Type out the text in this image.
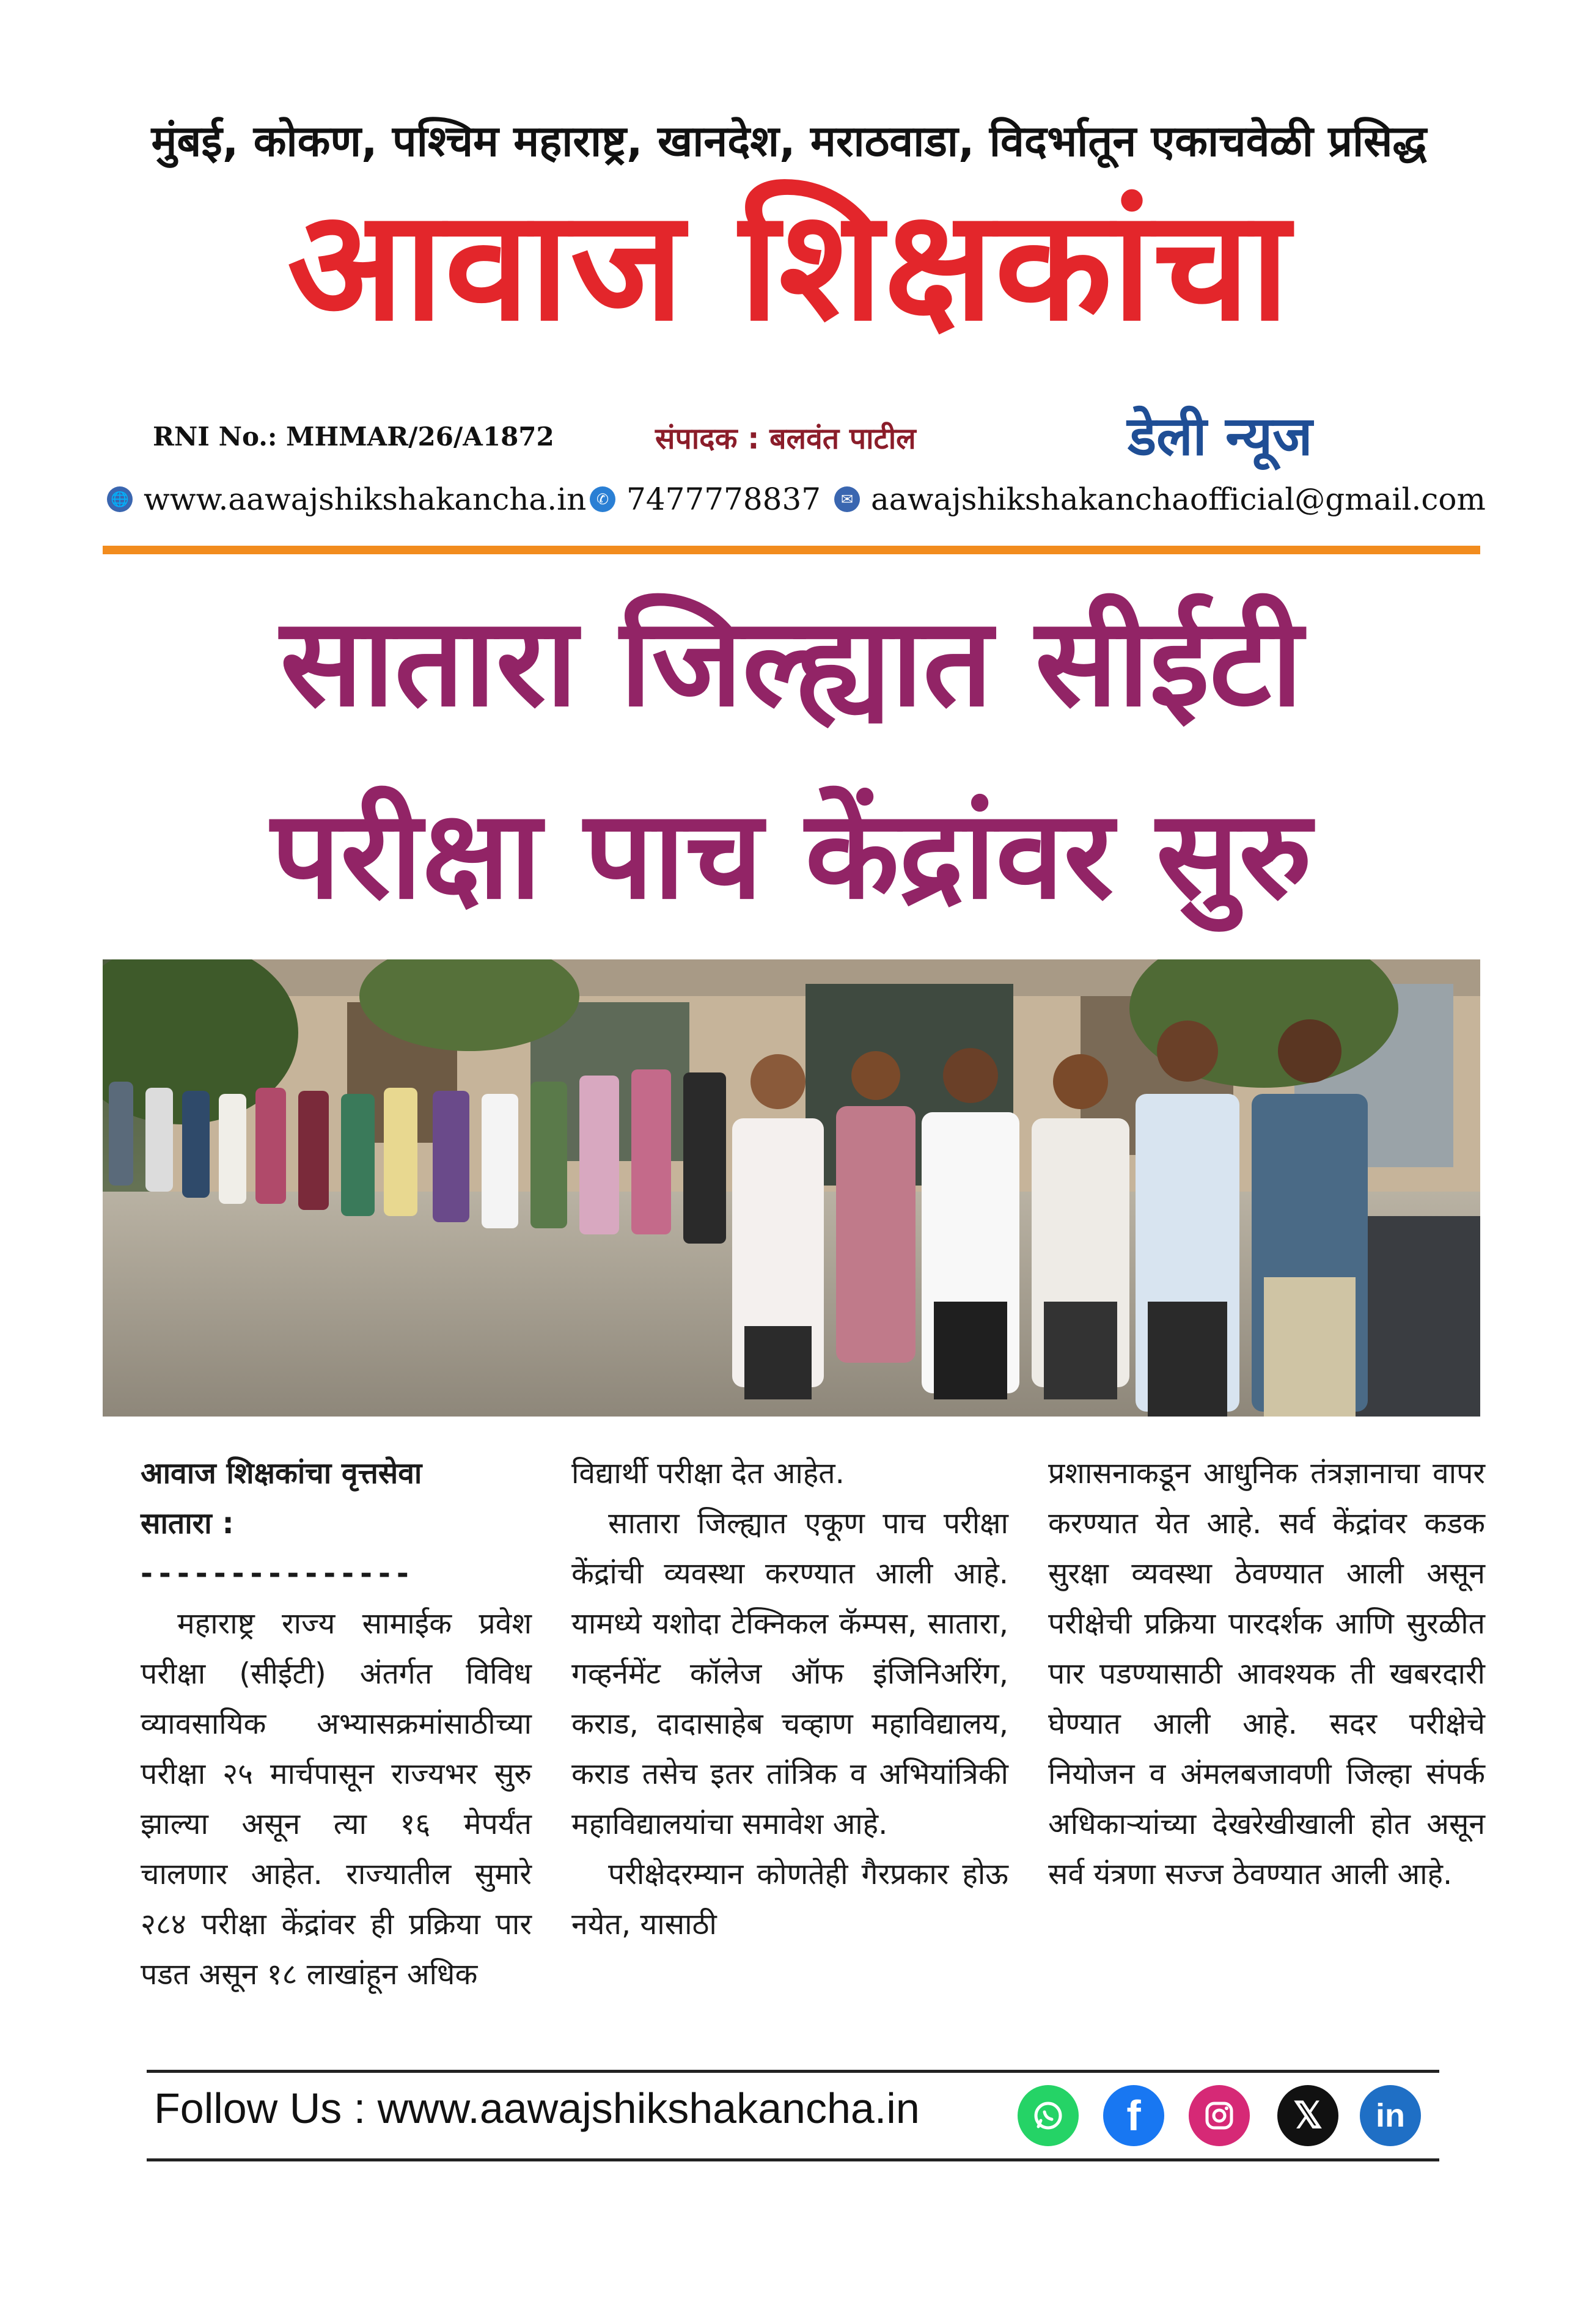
मुंबई, कोकण, पश्चिम महाराष्ट्र, खानदेश, मराठवाडा, विदर्भातून एकाचवेळी प्रसिद्ध
आवाज शिक्षकांचा
RNI No.: MHMAR/26/A1872	संपादक : बलवंत पाटील	डेली न्यूज
🌐 www.aawajshikshakancha.in ✆ 7477778837	✉ aawajshikshakanchaofficial@gmail.com
सातारा जिल्ह्यात सीईटी
परीक्षा पाच केंद्रांवर सुरु

आवाज शिक्षकांचा वृत्तसेवा

सातारा :

---------------

महाराष्ट्र राज्य सामाईक प्रवेश परीक्षा (सीईटी) अंतर्गत विविध व्यावसायिक अभ्यासक्रमांसाठीच्या परीक्षा २५ मार्चपासून राज्यभर सुरु झाल्या असून त्या १६ मेपर्यंत चालणार आहेत. राज्यातील सुमारे २८४ परीक्षा केंद्रांवर ही प्रक्रिया पार पडत असून १८ लाखांहून अधिक

विद्यार्थी परीक्षा देत आहेत.

सातारा जिल्ह्यात एकूण पाच परीक्षा केंद्रांची व्यवस्था करण्यात आली आहे. यामध्ये यशोदा टेक्निकल कॅम्पस, सातारा, गव्हर्नमेंट कॉलेज ऑफ इंजिनिअरिंग, कराड, दादासाहेब चव्हाण महाविद्यालय, कराड तसेच इतर तांत्रिक व अभियांत्रिकी महाविद्यालयांचा समावेश आहे.

परीक्षेदरम्यान कोणतेही गैरप्रकार होऊ नयेत, यासाठी

प्रशासनाकडून आधुनिक तंत्रज्ञानाचा वापर करण्यात येत आहे. सर्व केंद्रांवर कडक सुरक्षा व्यवस्था ठेवण्यात आली असून परीक्षेची प्रक्रिया पारदर्शक आणि सुरळीत पार पडण्यासाठी आवश्यक ती खबरदारी घेण्यात आली आहे. सदर परीक्षेचे नियोजन व अंमलबजावणी जिल्हा संपर्क अधिकाऱ्यांच्या देखरेखीखाली होत असून सर्व यंत्रणा सज्ज ठेवण्यात आली आहे.

Follow Us : www.aawajshikshakancha.in	f	𝕏	in
